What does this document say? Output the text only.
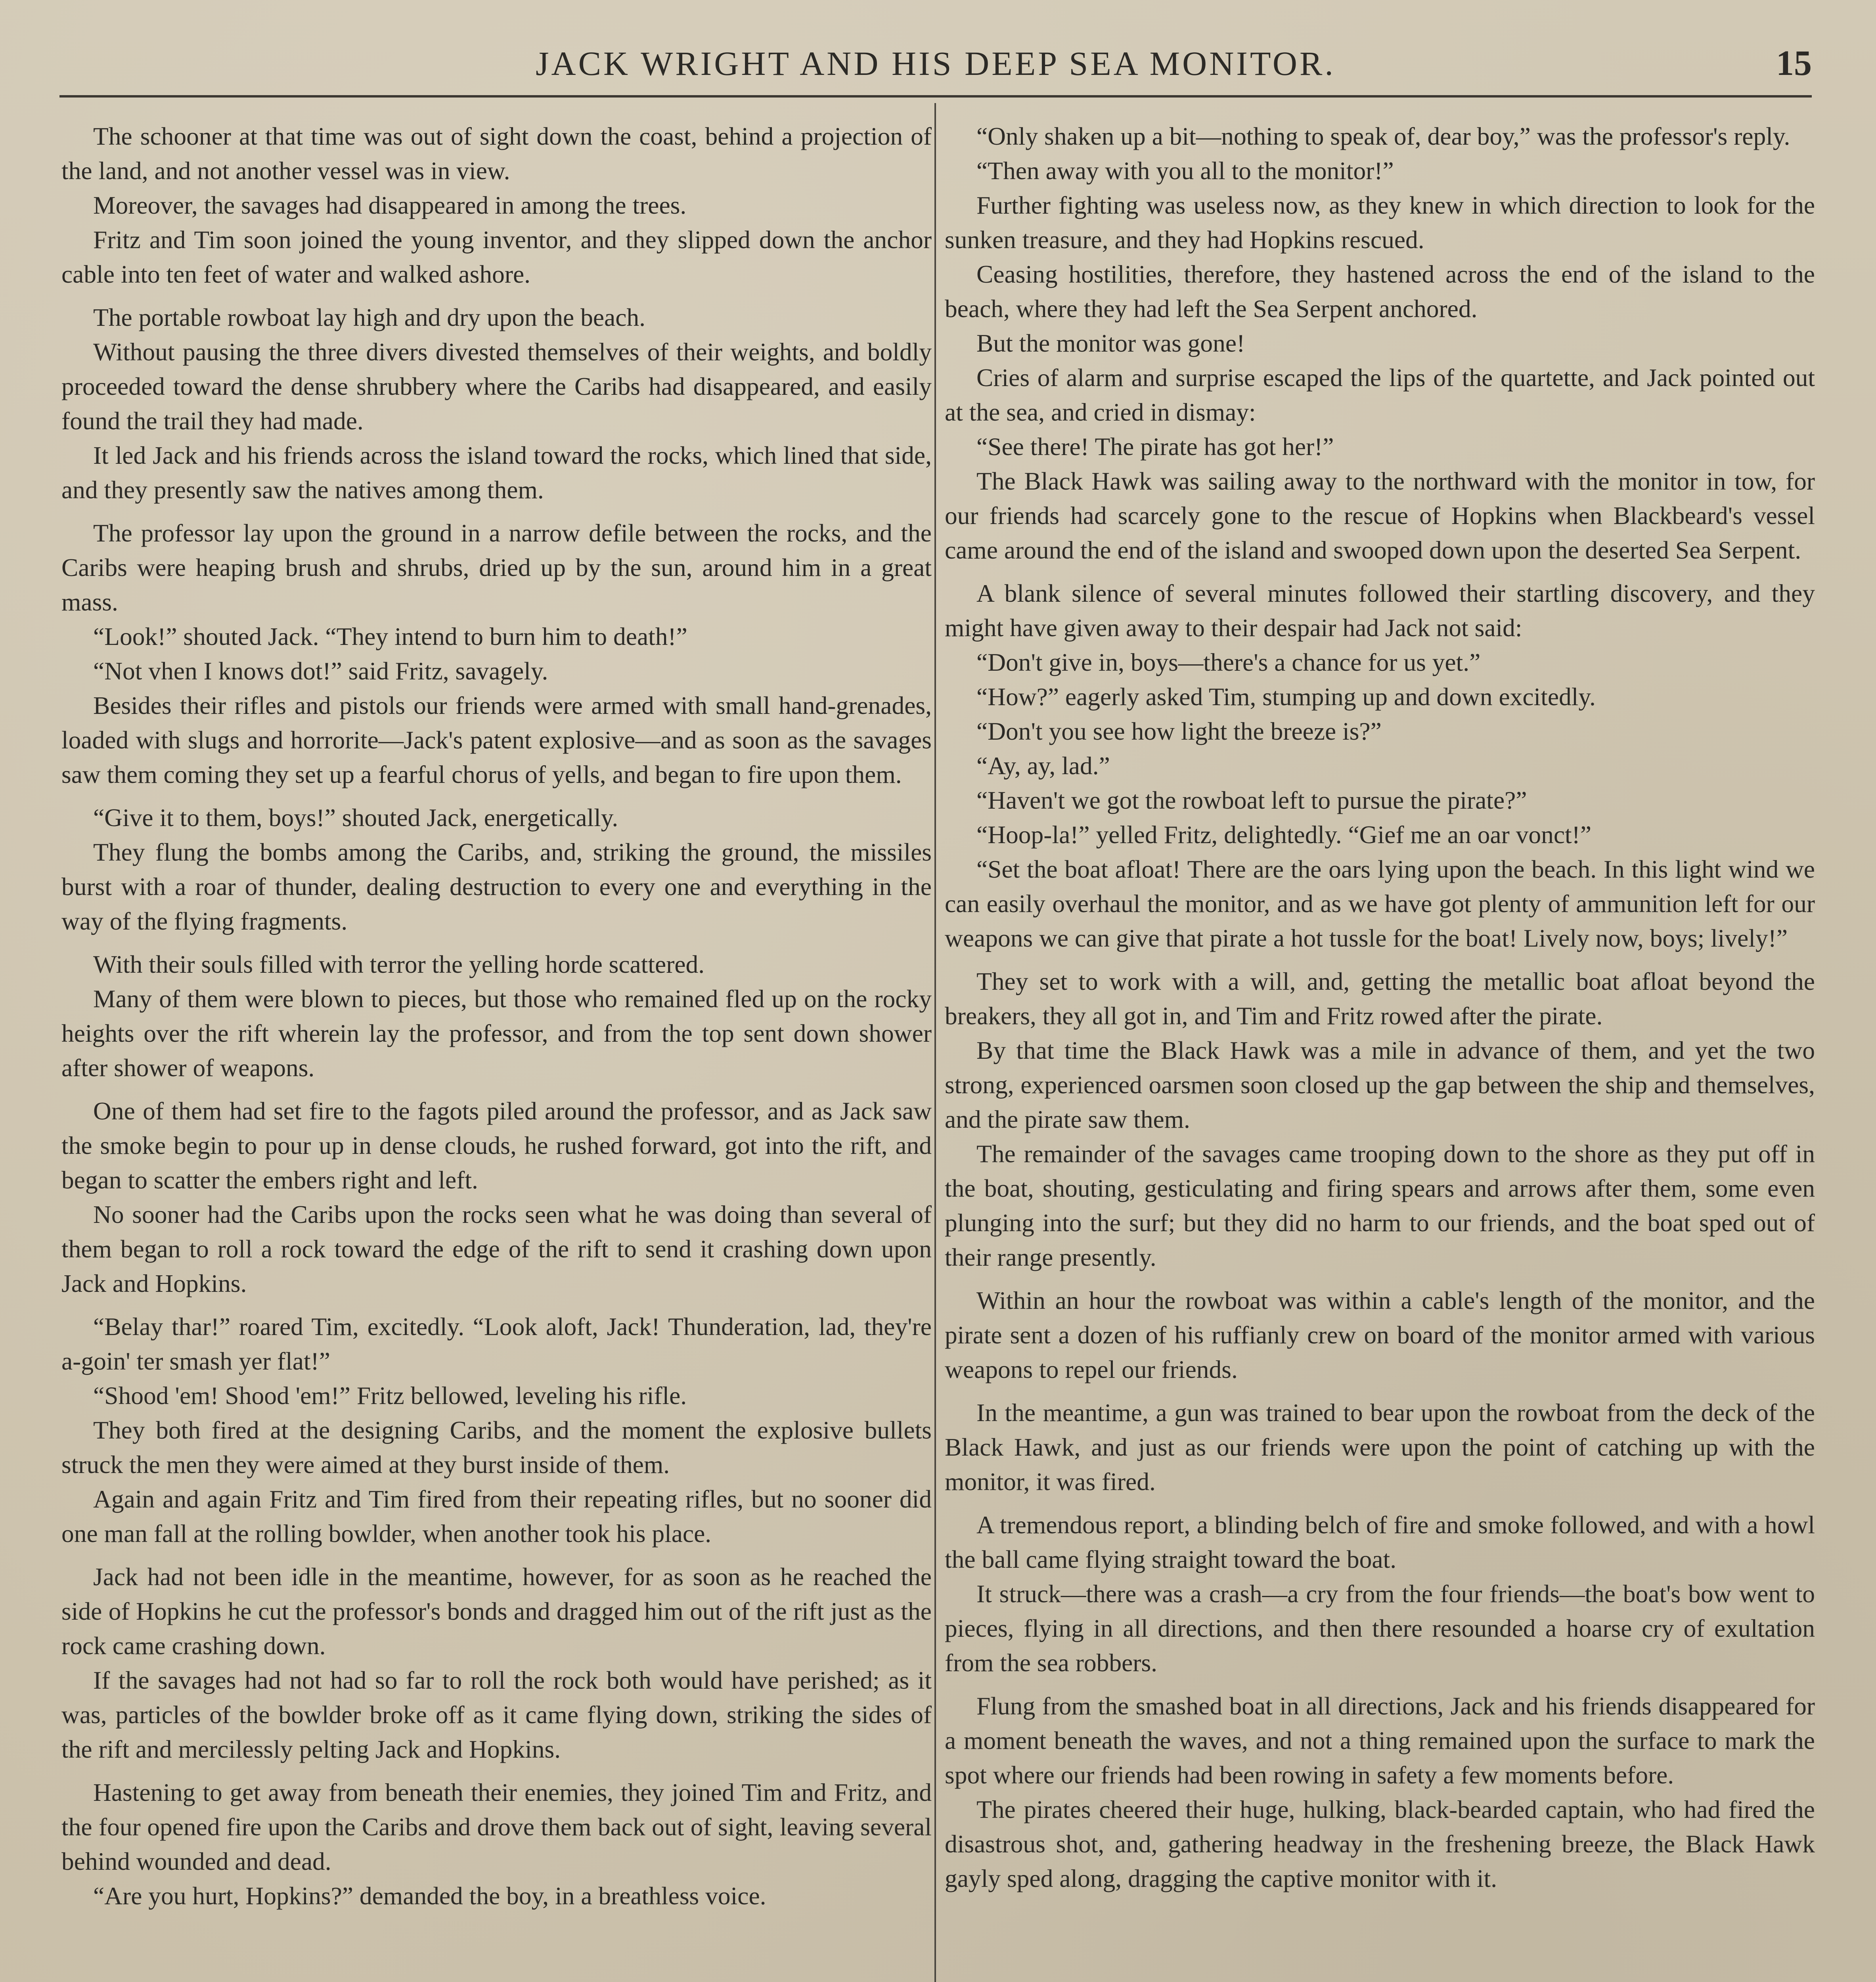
JACK WRIGHT AND HIS DEEP SEA MONITOR.	15

The schooner at that time was out of sight down the coast, behind a projection of the land, and not another vessel was in view.

Moreover, the savages had disappeared in among the trees.

Fritz and Tim soon joined the young inventor, and they slipped down the anchor cable into ten feet of water and walked ashore.

The portable rowboat lay high and dry upon the beach.

Without pausing the three divers divested themselves of their weights, and boldly proceeded toward the dense shrubbery where the Caribs had disappeared, and easily found the trail they had made.

It led Jack and his friends across the island toward the rocks, which lined that side, and they presently saw the natives among them.

The professor lay upon the ground in a narrow defile between the rocks, and the Caribs were heaping brush and shrubs, dried up by the sun, around him in a great mass.

“Look!” shouted Jack. “They intend to burn him to death!”

“Not vhen I knows dot!” said Fritz, savagely.

Besides their rifles and pistols our friends were armed with small hand-grenades, loaded with slugs and horrorite—Jack's patent explosive—and as soon as the savages saw them coming they set up a fearful chorus of yells, and began to fire upon them.

“Give it to them, boys!” shouted Jack, energetically.

They flung the bombs among the Caribs, and, striking the ground, the missiles burst with a roar of thunder, dealing destruction to every one and everything in the way of the flying fragments.

With their souls filled with terror the yelling horde scattered.

Many of them were blown to pieces, but those who remained fled up on the rocky heights over the rift wherein lay the professor, and from the top sent down shower after shower of weapons.

One of them had set fire to the fagots piled around the professor, and as Jack saw the smoke begin to pour up in dense clouds, he rushed forward, got into the rift, and began to scatter the embers right and left.

No sooner had the Caribs upon the rocks seen what he was doing than several of them began to roll a rock toward the edge of the rift to send it crashing down upon Jack and Hopkins.

“Belay thar!” roared Tim, excitedly. “Look aloft, Jack! Thunderation, lad, they're a-goin' ter smash yer flat!”

“Shood 'em! Shood 'em!” Fritz bellowed, leveling his rifle.

They both fired at the designing Caribs, and the moment the explosive bullets struck the men they were aimed at they burst inside of them.

Again and again Fritz and Tim fired from their repeating rifles, but no sooner did one man fall at the rolling bowlder, when another took his place.

Jack had not been idle in the meantime, however, for as soon as he reached the side of Hopkins he cut the professor's bonds and dragged him out of the rift just as the rock came crashing down.

If the savages had not had so far to roll the rock both would have perished; as it was, particles of the bowlder broke off as it came flying down, striking the sides of the rift and mercilessly pelting Jack and Hopkins.

Hastening to get away from beneath their enemies, they joined Tim and Fritz, and the four opened fire upon the Caribs and drove them back out of sight, leaving several behind wounded and dead.

“Are you hurt, Hopkins?” demanded the boy, in a breathless voice.

“Only shaken up a bit—nothing to speak of, dear boy,” was the professor's reply.

“Then away with you all to the monitor!”

Further fighting was useless now, as they knew in which direction to look for the sunken treasure, and they had Hopkins rescued.

Ceasing hostilities, therefore, they hastened across the end of the island to the beach, where they had left the Sea Serpent anchored.

But the monitor was gone!

Cries of alarm and surprise escaped the lips of the quartette, and Jack pointed out at the sea, and cried in dismay:

“See there! The pirate has got her!”

The Black Hawk was sailing away to the northward with the monitor in tow, for our friends had scarcely gone to the rescue of Hopkins when Blackbeard's vessel came around the end of the island and swooped down upon the deserted Sea Serpent.

A blank silence of several minutes followed their startling discovery, and they might have given away to their despair had Jack not said:

“Don't give in, boys—there's a chance for us yet.”

“How?” eagerly asked Tim, stumping up and down excitedly.

“Don't you see how light the breeze is?”

“Ay, ay, lad.”

“Haven't we got the rowboat left to pursue the pirate?”

“Hoop-la!” yelled Fritz, delightedly. “Gief me an oar vonct!”

“Set the boat afloat! There are the oars lying upon the beach. In this light wind we can easily overhaul the monitor, and as we have got plenty of ammunition left for our weapons we can give that pirate a hot tussle for the boat! Lively now, boys; lively!”

They set to work with a will, and, getting the metallic boat afloat beyond the breakers, they all got in, and Tim and Fritz rowed after the pirate.

By that time the Black Hawk was a mile in advance of them, and yet the two strong, experienced oarsmen soon closed up the gap between the ship and themselves, and the pirate saw them.

The remainder of the savages came trooping down to the shore as they put off in the boat, shouting, gesticulating and firing spears and arrows after them, some even plunging into the surf; but they did no harm to our friends, and the boat sped out of their range presently.

Within an hour the rowboat was within a cable's length of the monitor, and the pirate sent a dozen of his ruffianly crew on board of the monitor armed with various weapons to repel our friends.

In the meantime, a gun was trained to bear upon the rowboat from the deck of the Black Hawk, and just as our friends were upon the point of catching up with the monitor, it was fired.

A tremendous report, a blinding belch of fire and smoke followed, and with a howl the ball came flying straight toward the boat.

It struck—there was a crash—a cry from the four friends—the boat's bow went to pieces, flying in all directions, and then there resounded a hoarse cry of exultation from the sea robbers.

Flung from the smashed boat in all directions, Jack and his friends disappeared for a moment beneath the waves, and not a thing remained upon the surface to mark the spot where our friends had been rowing in safety a few moments before.

The pirates cheered their huge, hulking, black-bearded captain, who had fired the disastrous shot, and, gathering headway in the freshening breeze, the Black Hawk gayly sped along, dragging the captive monitor with it.
